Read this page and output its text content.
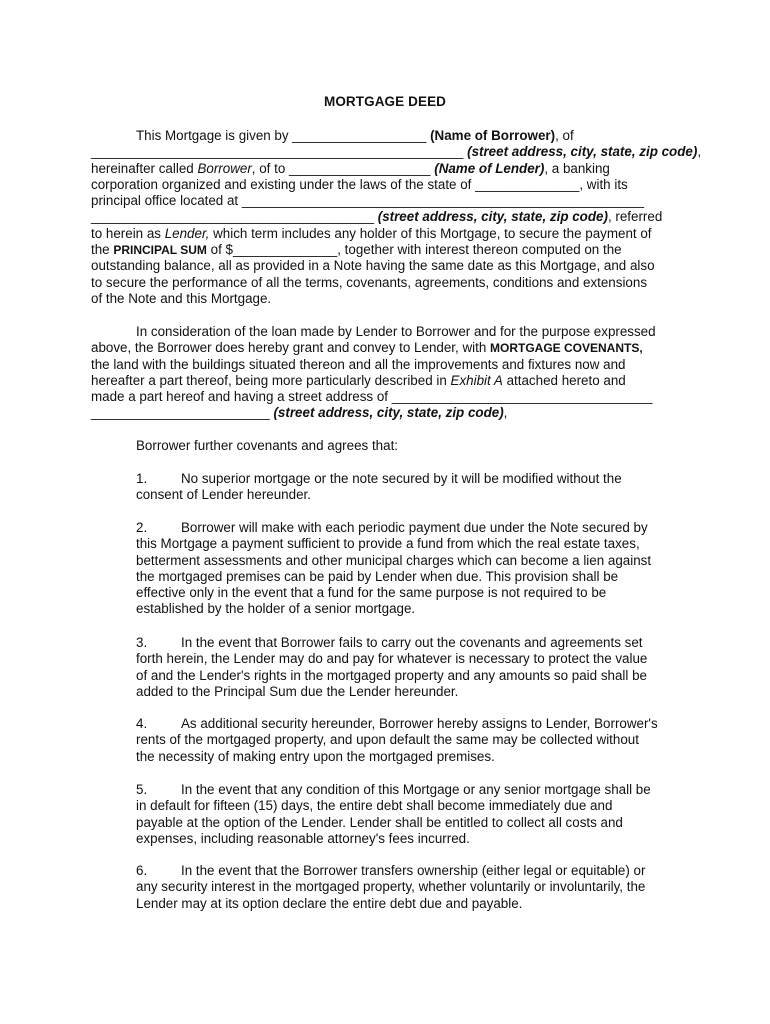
MORTGAGE DEED
This Mortgage is given by __________________ (Name of Borrower), of
__________________________________________________ (street address, city, state, zip code),
hereinafter called Borrower, of to ___________________ (Name of Lender), a banking
corporation organized and existing under the laws of the state of ______________, with its
principal office located at ______________________________________________________
______________________________________ (street address, city, state, zip code), referred
to herein as Lender, which term includes any holder of this Mortgage, to secure the payment of
the PRINCIPAL SUM of $______________, together with interest thereon computed on the
outstanding balance, all as provided in a Note having the same date as this Mortgage, and also
to secure the performance of all the terms, covenants, agreements, conditions and extensions
of the Note and this Mortgage.
In consideration of the loan made by Lender to Borrower and for the purpose expressed
above, the Borrower does hereby grant and convey to Lender, with MORTGAGE COVENANTS,
the land with the buildings situated thereon and all the improvements and fixtures now and
hereafter a part thereof, being more particularly described in Exhibit A attached hereto and
made a part hereof and having a street address of ___________________________________
________________________ (street address, city, state, zip code),
Borrower further covenants and agrees that:
1.	No superior mortgage or the note secured by it will be modified without the
consent of Lender hereunder.
2.	Borrower will make with each periodic payment due under the Note secured by
this Mortgage a payment sufficient to provide a fund from which the real estate taxes,
betterment assessments and other municipal charges which can become a lien against
the mortgaged premises can be paid by Lender when due. This provision shall be
effective only in the event that a fund for the same purpose is not required to be
established by the holder of a senior mortgage.
3.	In the event that Borrower fails to carry out the covenants and agreements set
forth herein, the Lender may do and pay for whatever is necessary to protect the value
of and the Lender's rights in the mortgaged property and any amounts so paid shall be
added to the Principal Sum due the Lender hereunder.
4.	As additional security hereunder, Borrower hereby assigns to Lender, Borrower's
rents of the mortgaged property, and upon default the same may be collected without
the necessity of making entry upon the mortgaged premises.
5.	In the event that any condition of this Mortgage or any senior mortgage shall be
in default for fifteen (15) days, the entire debt shall become immediately due and
payable at the option of the Lender. Lender shall be entitled to collect all costs and
expenses, including reasonable attorney's fees incurred.
6.	In the event that the Borrower transfers ownership (either legal or equitable) or
any security interest in the mortgaged property, whether voluntarily or involuntarily, the
Lender may at its option declare the entire debt due and payable.
